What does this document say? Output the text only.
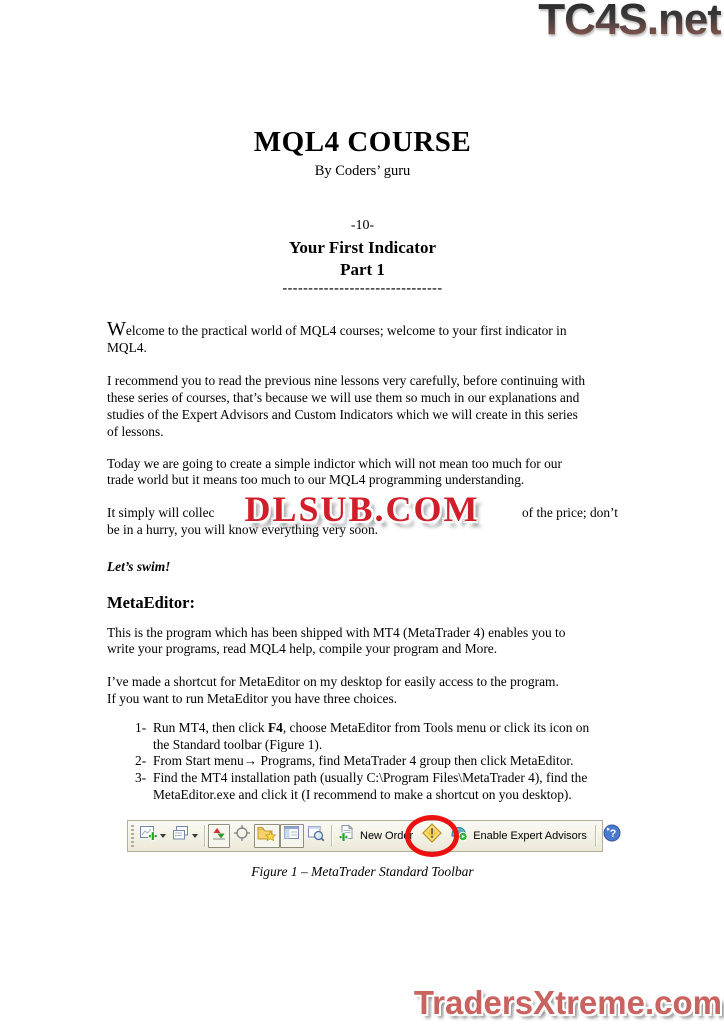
TC4S.net
MQL4 COURSE
By Coders’ guru
-10-
Your First Indicator
Part 1
-------------------------------

Welcome to the practical world of MQL4 courses; welcome to your first indicator in
MQL4.

I recommend you to read the previous nine lessons very carefully, before continuing with
these series of courses, that’s because we will use them so much in our explanations and
studies of the Expert Advisors and Custom Indicators which we will create in this series
of lessons.

Today we are going to create a simple indictor which will not mean too much for our
trade world but it means too much to our MQL4 programming understanding.

It simply will collec	of the price; don’t
be in a hurry, you will know everything very soon.

Let’s swim!

MetaEditor:

This is the program which has been shipped with MT4 (MetaTrader 4) enables you to
write your programs, read MQL4 help, compile your program and More.

I’ve made a shortcut for MetaEditor on my desktop for easily access to the program.
If you want to run MetaEditor you have three choices.

1- Run MT4, then click F4, choose MetaEditor from Tools menu or click its icon on
the Standard toolbar (Figure 1).
2- From Start menu→ Programs, find MetaTrader 4 group then click MetaEditor.
3- Find the MT4 installation path (usually C:\Program Files\MetaTrader 4), find the
MetaEditor.exe and click it (I recommend to make a shortcut on you desktop).
New Order	Enable Expert Advisors ?
Figure 1 – MetaTrader Standard Toolbar
DLSUB.COM
TradersXtreme.com
